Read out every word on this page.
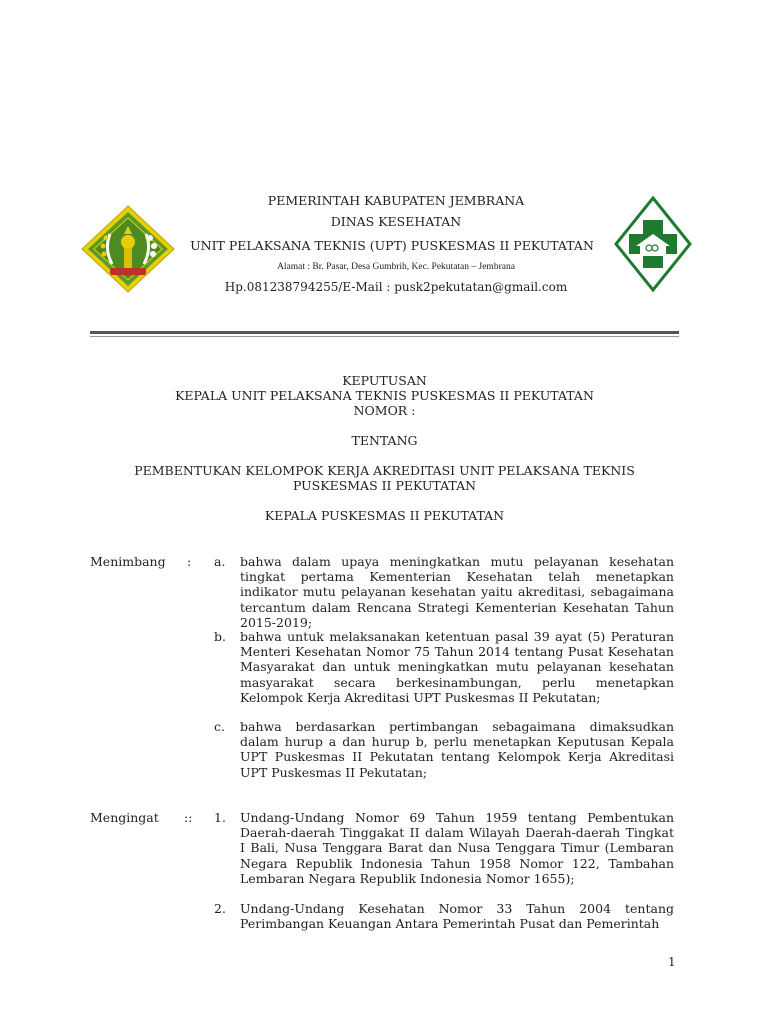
PEMERINTAH KABUPATEN JEMBRANA
DINAS KESEHATAN
UNIT PELAKSANA TEKNIS (UPT) PUSKESMAS II PEKUTATAN
Alamat : Br. Pasar, Desa Gumbrih, Kec. Pekutatan – Jembrana
Hp.081238794255/E-Mail : pusk2pekutatan@gmail.com
KEPUTUSAN
KEPALA UNIT PELAKSANA TEKNIS PUSKESMAS II PEKUTATAN
NOMOR :
TENTANG
PEMBENTUKAN KELOMPOK KERJA AKREDITASI UNIT PELAKSANA TEKNIS
PUSKESMAS II PEKUTATAN
KEPALA PUSKESMAS II PEKUTATAN
Menimbang : a. bahwa dalam upaya meningkatkan mutu pelayanan kesehatan tingkat pertama Kementerian Kesehatan telah menetapkan indikator mutu pelayanan kesehatan yaitu akreditasi, sebagaimana tercantum dalam Rencana Strategi Kementerian Kesehatan Tahun 2015-2019;

b. bahwa untuk melaksanakan ketentuan pasal 39 ayat (5) Peraturan Menteri Kesehatan Nomor 75 Tahun 2014 tentang Pusat Kesehatan Masyarakat dan untuk meningkatkan mutu pelayanan kesehatan masyarakat secara berkesinambungan, perlu menetapkan Kelompok Kerja Akreditasi UPT Puskesmas II Pekutatan;

c. bahwa berdasarkan pertimbangan sebagaimana dimaksudkan dalam hurup a dan hurup b, perlu menetapkan Keputusan Kepala UPT Puskesmas II Pekutatan tentang Kelompok Kerja Akreditasi UPT Puskesmas II Pekutatan;

Mengingat :: 1. Undang-Undang Nomor 69 Tahun 1959 tentang Pembentukan Daerah-daerah Tinggakat II dalam Wilayah Daerah-daerah Tingkat I Bali, Nusa Tenggara Barat dan Nusa Tenggara Timur (Lembaran Negara Republik Indonesia Tahun 1958 Nomor 122, Tambahan Lembaran Negara Republik Indonesia Nomor 1655);

2. Undang-Undang Kesehatan Nomor 33 Tahun 2004 tentang Perimbangan Keuangan Antara Pemerintah Pusat dan Pemerintah

1
